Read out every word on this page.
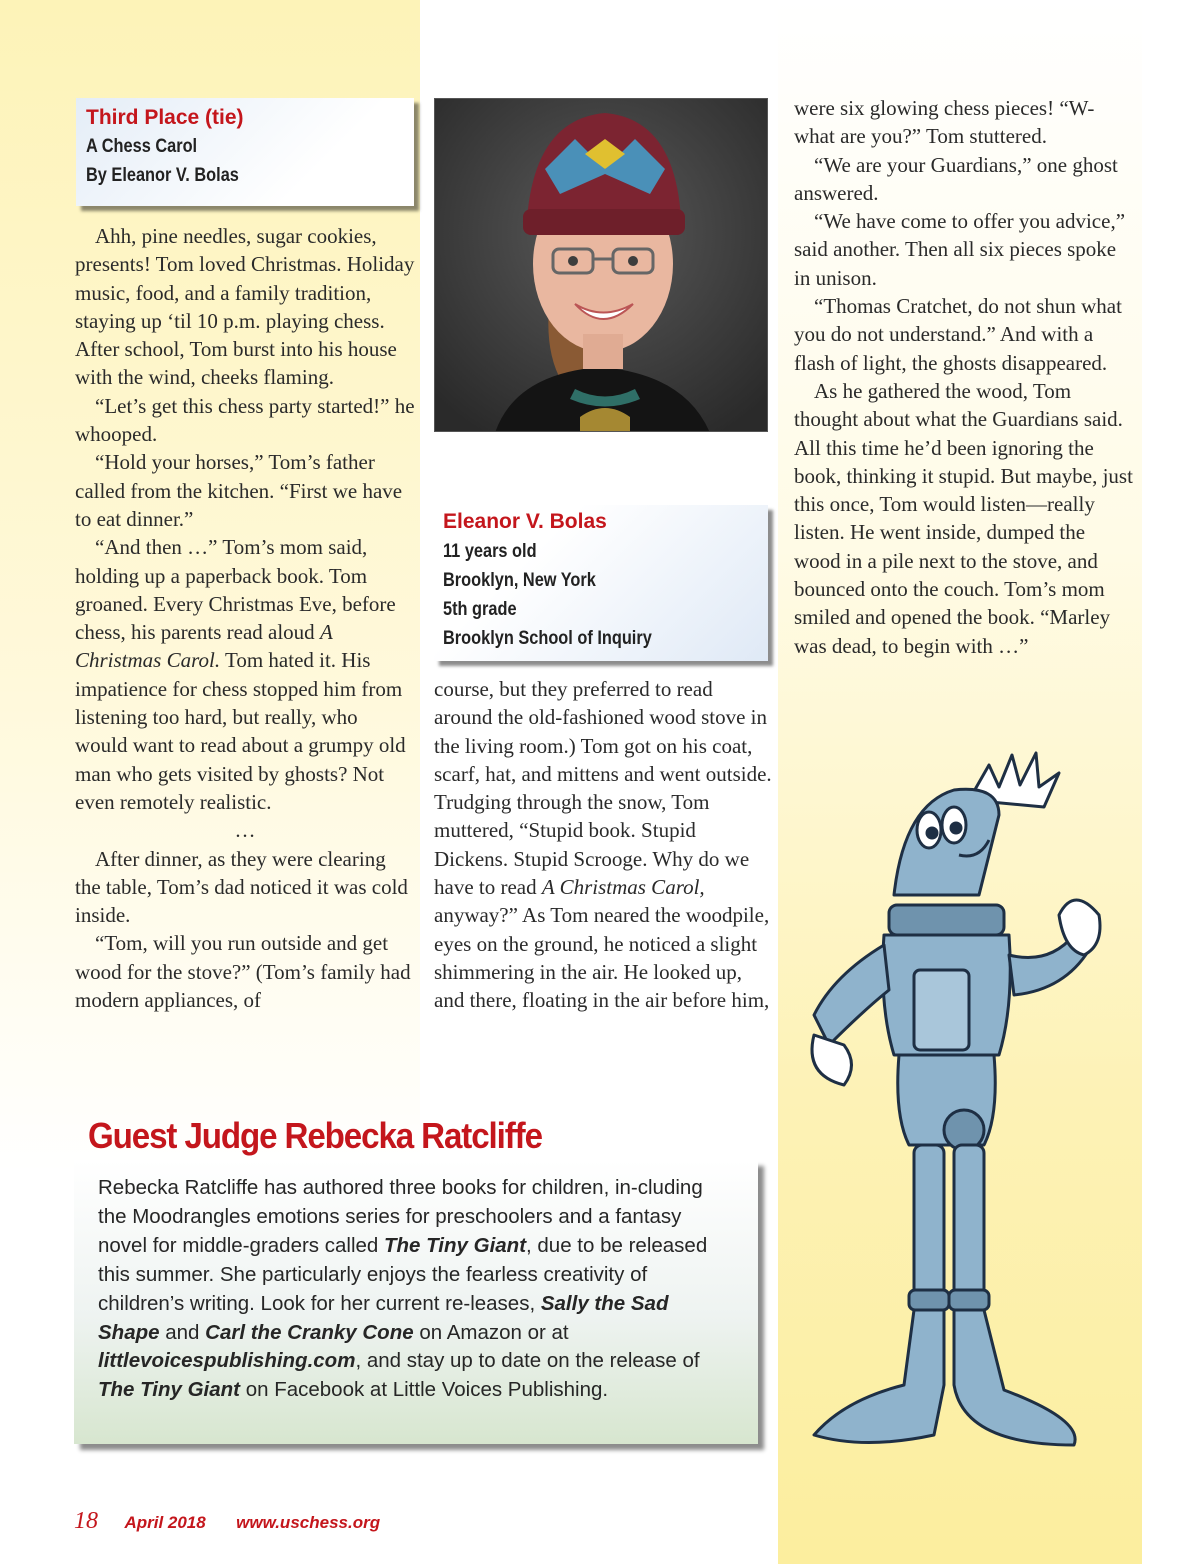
Third Place (tie)
A Chess Carol
By Eleanor V. Bolas
Eleanor V. Bolas
11 years old
Brooklyn, New York
5th grade
Brooklyn School of Inquiry

Ahh, pine needles, sugar cookies, presents! Tom loved Christmas. Holiday music, food, and a family tradition, staying up ‘til 10 p.m. playing chess. After school, Tom burst into his house with the wind, cheeks flaming.

“Let’s get this chess party started!” he whooped.

“Hold your horses,” Tom’s father called from the kitchen. “First we have to eat dinner.”

“And then …” Tom’s mom said, holding up a paperback book. Tom groaned. Every Christmas Eve, before chess, his parents read aloud A Christmas Carol. Tom hated it. His impatience for chess stopped him from listening too hard, but really, who would want to read about a grumpy old man who gets visited by ghosts? Not even remotely realistic.

…

After dinner, as they were clearing the table, Tom’s dad noticed it was cold inside.

“Tom, will you run outside and get wood for the stove?” (Tom’s family had modern appliances, of

course, but they preferred to read around the old-fashioned wood stove in the living room.) Tom got on his coat, scarf, hat, and mittens and went outside. Trudging through the snow, Tom muttered, “Stupid book. Stupid Dickens. Stupid Scrooge. Why do we have to read A Christmas Carol, anyway?” As Tom neared the woodpile, eyes on the ground, he noticed a slight shimmering in the air. He looked up, and there, floating in the air before him,

were six glowing chess pieces! “W-what are you?” Tom stuttered.

“We are your Guardians,” one ghost answered.

“We have come to offer you advice,” said another. Then all six pieces spoke in unison.

“Thomas Cratchet, do not shun what you do not understand.” And with a flash of light, the ghosts disappeared.

As he gathered the wood, Tom thought about what the Guardians said. All this time he’d been ignoring the book, thinking it stupid. But maybe, just this once, Tom would listen—really listen. He went inside, dumped the wood in a pile next to the stove, and bounced onto the couch. Tom’s mom smiled and opened the book. “Marley was dead, to begin with …”

Guest Judge Rebecka Ratcliffe

Rebecka Ratcliffe has authored three books for children, in-cluding the Moodrangles emotions series for preschoolers and a fantasy novel for middle-graders called The Tiny Giant, due to be released this summer. She particularly enjoys the fearless creativity of children’s writing. Look for her current re-leases, Sally the Sad Shape and Carl the Cranky Cone on Amazon or at littlevoicespublishing.com, and stay up to date on the release of The Tiny Giant on Facebook at Little Voices Publishing.

18 April 2018 www.uschess.org
